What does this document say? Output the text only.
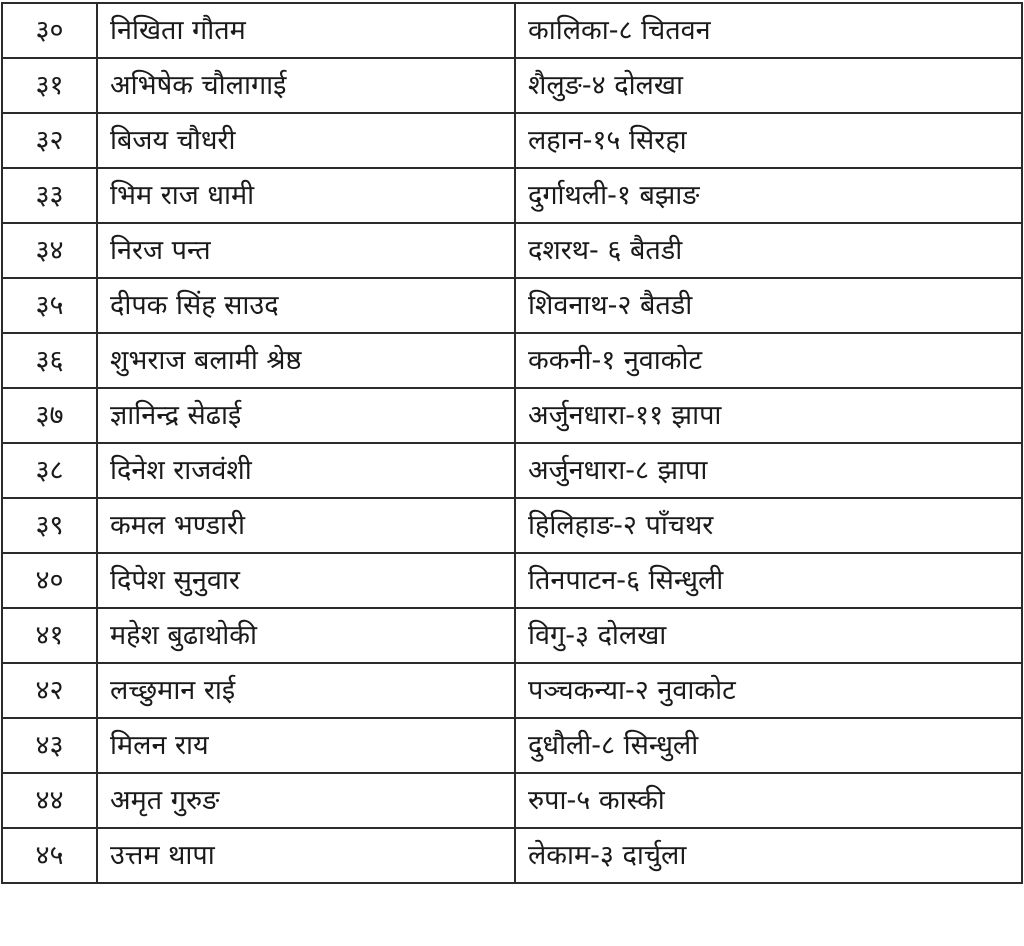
३०	निखिता गौतम	कालिका-८ चितवन
३१	अभिषेक चौलागाई	शैलुङ-४ दोलखा
३२	बिजय चौधरी	लहान-१५ सिरहा
३३	भिम राज धामी	दुर्गाथली-१ बझाङ
३४	निरज पन्त	दशरथ- ६ बैतडी
३५	दीपक सिंह साउद	शिवनाथ-२ बैतडी
३६	शुभराज बलामी श्रेष्ठ	ककनी-१ नुवाकोट
३७	ज्ञानिन्द्र सेढाई	अर्जुनधारा-११ झापा
३८	दिनेश राजवंशी	अर्जुनधारा-८ झापा
३९	कमल भण्डारी	हिलिहाङ-२ पाँचथर
४०	दिपेश सुनुवार	तिनपाटन-६ सिन्धुली
४१	महेश बुढाथोकी	विगु-३ दोलखा
४२	लच्छुमान राई	पञ्चकन्या-२ नुवाकोट
४३	मिलन राय	दुधौली-८ सिन्धुली
४४	अमृत गुरुङ	रुपा-५ कास्की
४५	उत्तम थापा	लेकाम-३ दार्चुला
